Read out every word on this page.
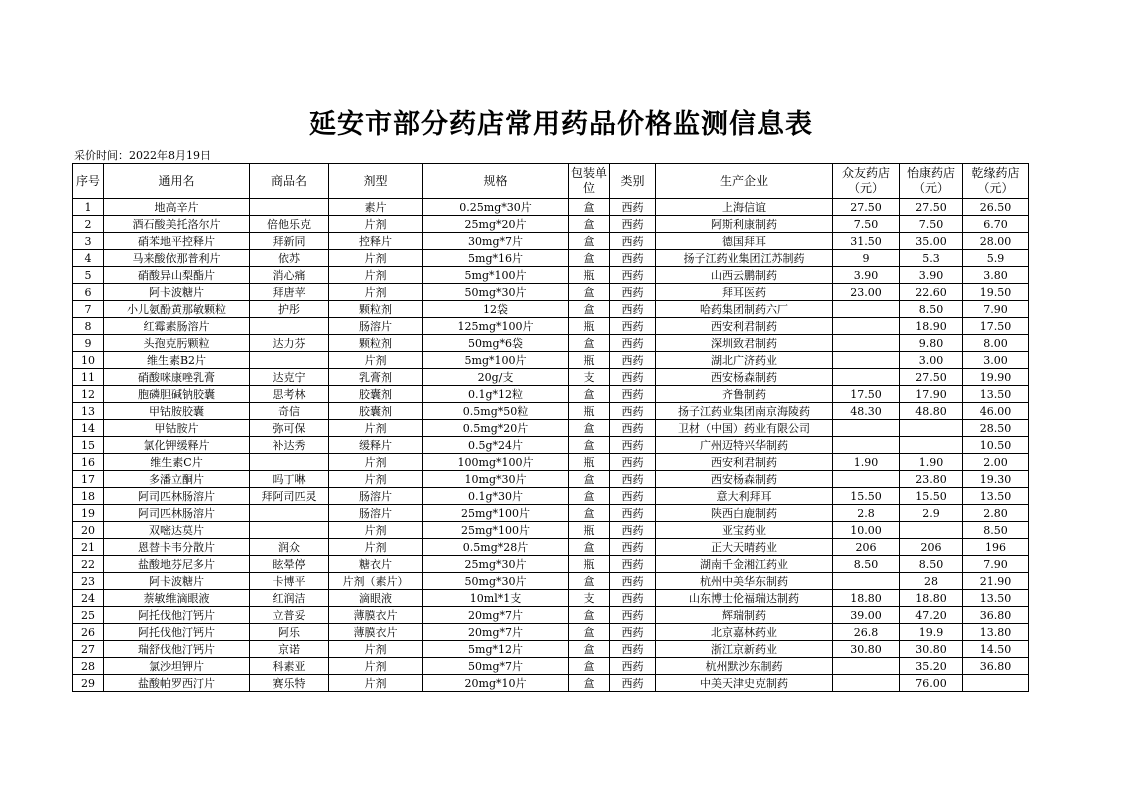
延安市部分药店常用药品价格监测信息表
采价时间：2022年8月19日
序号	通用名	商品名	剂型	规格	包装单位	类别	生产企业	众友药店（元）	怡康药店（元）	乾缘药店（元）
1	地高辛片		素片	0.25mg*30片	盒	西药	上海信谊	27.50	27.50	26.50
2	酒石酸美托洛尔片	倍他乐克	片剂	25mg*20片	盒	西药	阿斯利康制药	7.50	7.50	6.70
3	硝苯地平控释片	拜新同	控释片	30mg*7片	盒	西药	德国拜耳	31.50	35.00	28.00
4	马来酸依那普利片	依苏	片剂	5mg*16片	盒	西药	扬子江药业集团江苏制药	9	5.3	5.9
5	硝酸异山梨酯片	消心痛	片剂	5mg*100片	瓶	西药	山西云鹏制药	3.90	3.90	3.80
6	阿卡波糖片	拜唐苹	片剂	50mg*30片	盒	西药	拜耳医药	23.00	22.60	19.50
7	小儿氨酚黄那敏颗粒	护彤	颗粒剂	12袋	盒	西药	哈药集团制药六厂		8.50	7.90
8	红霉素肠溶片		肠溶片	125mg*100片	瓶	西药	西安利君制药		18.90	17.50
9	头孢克肟颗粒	达力芬	颗粒剂	50mg*6袋	盒	西药	深圳致君制药		9.80	8.00
10	维生素B2片		片剂	5mg*100片	瓶	西药	湖北广济药业		3.00	3.00
11	硝酸咪康唑乳膏	达克宁	乳膏剂	20g/支	支	西药	西安杨森制药		27.50	19.90
12	胞磷胆碱钠胶囊	思考林	胶囊剂	0.1g*12粒	盒	西药	齐鲁制药	17.50	17.90	13.50
13	甲钴胺胶囊	奇信	胶囊剂	0.5mg*50粒	瓶	西药	扬子江药业集团南京海陵药	48.30	48.80	46.00
14	甲钴胺片	弥可保	片剂	0.5mg*20片	盒	西药	卫材（中国）药业有限公司			28.50
15	氯化钾缓释片	补达秀	缓释片	0.5g*24片	盒	西药	广州迈特兴华制药			10.50
16	维生素C片		片剂	100mg*100片	瓶	西药	西安利君制药	1.90	1.90	2.00
17	多潘立酮片	吗丁啉	片剂	10mg*30片	盒	西药	西安杨森制药		23.80	19.30
18	阿司匹林肠溶片	拜阿司匹灵	肠溶片	0.1g*30片	盒	西药	意大利拜耳	15.50	15.50	13.50
19	阿司匹林肠溶片		肠溶片	25mg*100片	盒	西药	陕西白鹿制药	2.8	2.9	2.80
20	双嘧达莫片		片剂	25mg*100片	瓶	西药	亚宝药业	10.00		8.50
21	恩替卡韦分散片	润众	片剂	0.5mg*28片	盒	西药	正大天晴药业	206	206	196
22	盐酸地芬尼多片	眩晕停	糖衣片	25mg*30片	瓶	西药	湖南千金湘江药业	8.50	8.50	7.90
23	阿卡波糖片	卡博平	片剂（素片）	50mg*30片	盒	西药	杭州中美华东制药		28	21.90
24	萘敏维滴眼液	红润洁	滴眼液	10ml*1支	支	西药	山东博士伦福瑞达制药	18.80	18.80	13.50
25	阿托伐他汀钙片	立普妥	薄膜衣片	20mg*7片	盒	西药	辉瑞制药	39.00	47.20	36.80
26	阿托伐他汀钙片	阿乐	薄膜衣片	20mg*7片	盒	西药	北京嘉林药业	26.8	19.9	13.80
27	瑞舒伐他汀钙片	京诺	片剂	5mg*12片	盒	西药	浙江京新药业	30.80	30.80	14.50
28	氯沙坦钾片	科素亚	片剂	50mg*7片	盒	西药	杭州默沙东制药		35.20	36.80
29	盐酸帕罗西汀片	赛乐特	片剂	20mg*10片	盒	西药	中美天津史克制药		76.00	
